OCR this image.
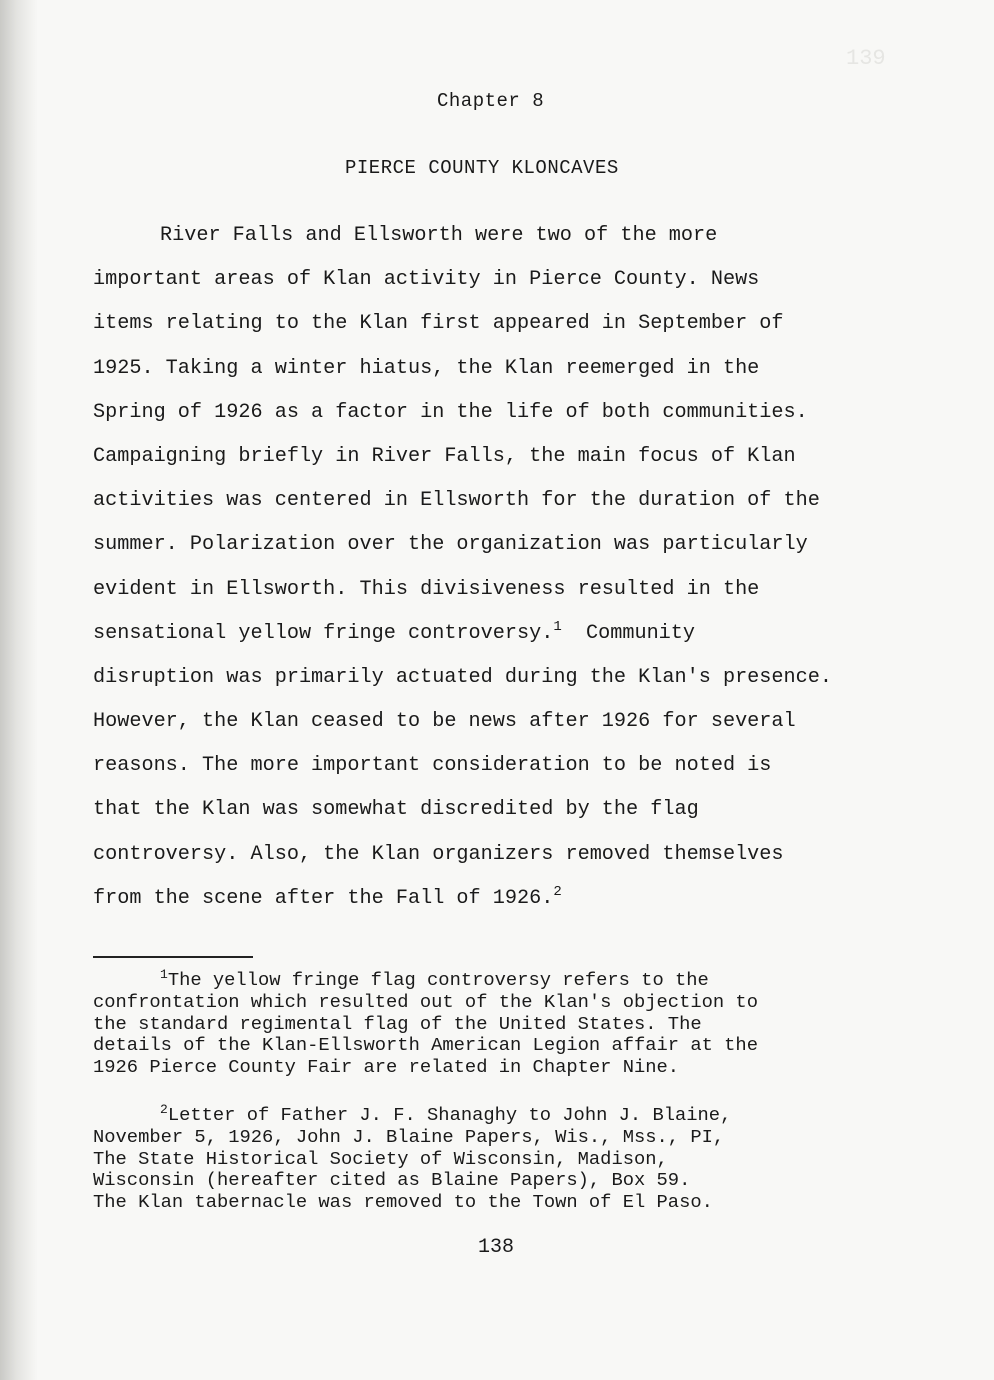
139
Chapter 8
PIERCE COUNTY KLONCAVES
River Falls and Ellsworth were two of the more
important areas of Klan activity in Pierce County. News
items relating to the Klan first appeared in September of
1925. Taking a winter hiatus, the Klan reemerged in the
Spring of 1926 as a factor in the life of both communities.
Campaigning briefly in River Falls, the main focus of Klan
activities was centered in Ellsworth for the duration of the
summer. Polarization over the organization was particularly
evident in Ellsworth. This divisiveness resulted in the
sensational yellow fringe controversy.$^1$  Community
disruption was primarily actuated during the Klan's presence.
However, the Klan ceased to be news after 1926 for several
reasons. The more important consideration to be noted is
that the Klan was somewhat discredited by the flag
controversy. Also, the Klan organizers removed themselves
from the scene after the Fall of 1926.$^2$
$^1$The yellow fringe flag controversy refers to the
confrontation which resulted out of the Klan's objection to
the standard regimental flag of the United States. The
details of the Klan-Ellsworth American Legion affair at the
1926 Pierce County Fair are related in Chapter Nine.
$^2$Letter of Father J. F. Shanaghy to John J. Blaine,
November 5, 1926, John J. Blaine Papers, Wis., Mss., PI,
The State Historical Society of Wisconsin, Madison,
Wisconsin (hereafter cited as Blaine Papers), Box 59.
The Klan tabernacle was removed to the Town of El Paso.
138
